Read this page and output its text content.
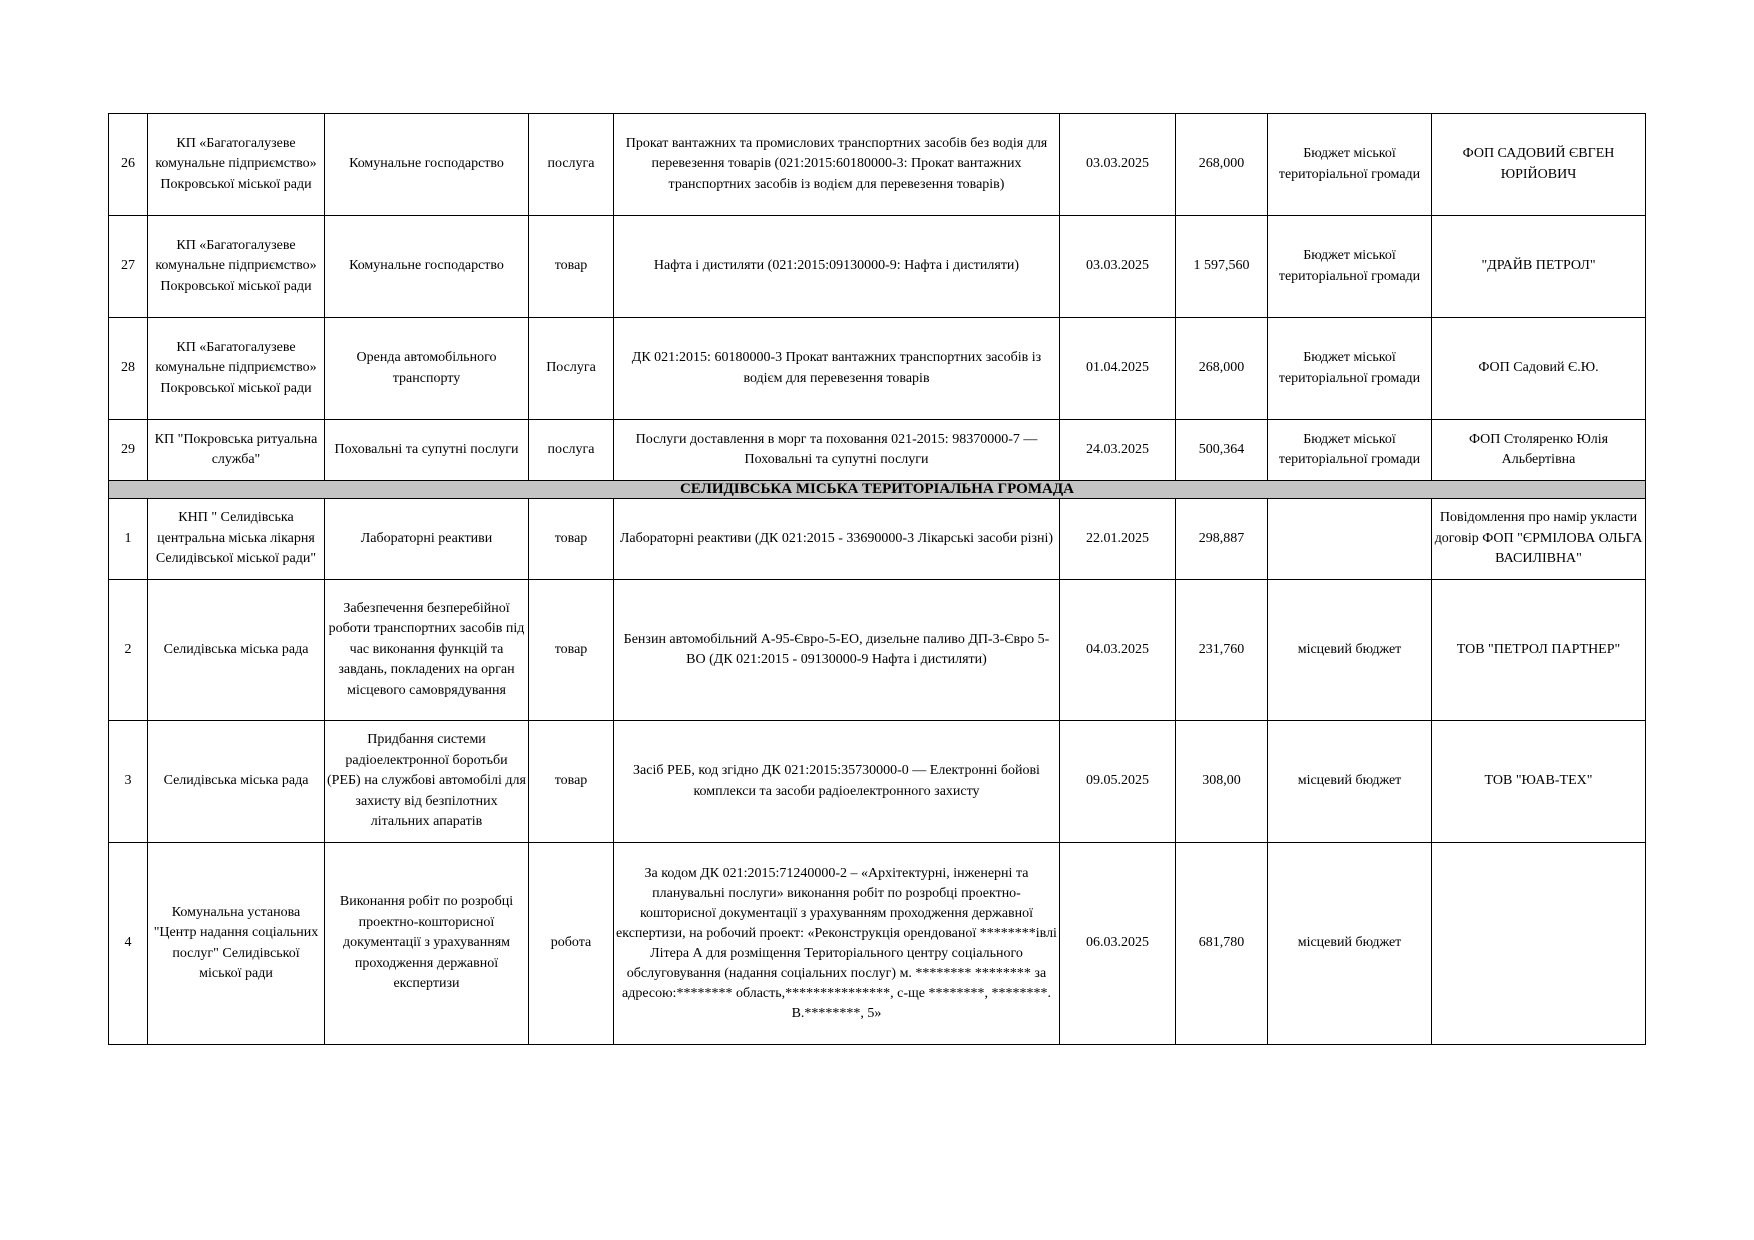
26	КП «Багатогалузеве комунальне підприємство» Покровської міської ради	Комунальне господарство	послуга	Прокат вантажних та промислових транспортних засобів без водія для перевезення товарів (021:2015:60180000-3: Прокат вантажних транспортних засобів із водієм для перевезення товарів)	03.03.2025	268,000	Бюджет міської територіальної громади	ФОП САДОВИЙ ЄВГЕН ЮРІЙОВИЧ
27	КП «Багатогалузеве комунальне підприємство» Покровської міської ради	Комунальне господарство	товар	Нафта і дистиляти (021:2015:09130000-9: Нафта і дистиляти)	03.03.2025	1 597,560	Бюджет міської територіальної громади	"ДРАЙВ ПЕТРОЛ"
28	КП «Багатогалузеве комунальне підприємство» Покровської міської ради	Оренда автомобільного транспорту	Послуга	ДК 021:2015: 60180000-3 Прокат вантажних транспортних засобів із водієм для перевезення товарів	01.04.2025	268,000	Бюджет міської територіальної громади	ФОП Садовий Є.Ю.
29	КП "Покровська ритуальна служба"	Поховальні та супутні послуги	послуга	Послуги доставлення в морг та поховання 021-2015: 98370000-7 — Поховальні та супутні послуги	24.03.2025	500,364	Бюджет міської територіальної громади	ФОП Столяренко Юлія Альбертівна
СЕЛИДІВСЬКА МІСЬКА ТЕРИТОРІАЛЬНА ГРОМАДА								
1	КНП " Селидівська центральна міська лікарня Селидівської міської ради"	Лабораторні реактиви	товар	Лабораторні реактиви (ДК 021:2015 - 33690000-3 Лікарські засоби різні)	22.01.2025	298,887		Повідомлення про намір укласти договір ФОП "ЄРМІЛОВА ОЛЬГА ВАСИЛІВНА"
2	Селидівська міська рада	Забезпечення безперебійної роботи транспортних засобів під час виконання функцій та завдань, покладених на орган місцевого самоврядування	товар	Бензин автомобільний А-95-Євро-5-ЕО, дизельне паливо ДП-3-Євро 5-ВО (ДК 021:2015 - 09130000-9 Нафта і дистиляти)	04.03.2025	231,760	місцевий бюджет	ТОВ "ПЕТРОЛ ПАРТНЕР"
3	Селидівська міська рада	Придбання системи радіоелектронної боротьби (РЕБ) на службові автомобілі для захисту від безпілотних літальних апаратів	товар	Засіб РЕБ, код згідно ДК 021:2015:35730000-0 — Електронні бойові комплекси та засоби радіоелектронного захисту	09.05.2025	308,00	місцевий бюджет	ТОВ "ЮАВ-ТЕХ"
4	Комунальна установа "Центр надання соціальних послуг" Селидівської міської ради	Виконання робіт по розробці проектно-кошторисної документації з урахуванням проходження державної експертизи	робота	За кодом ДК 021:2015:71240000-2 – «Архітектурні, інженерні та планувальні послуги» виконання робіт по розробці проектно-кошторисної документації з урахуванням проходження державної експертизи, на робочий проект: «Реконструкція орендованої ********івлі Літера А для розміщення Територіального центру соціального обслуговування (надання соціальних послуг) м. ******** ******** за адресою:******** область,***************, с-ще ********, ********. В.********, 5»	06.03.2025	681,780	місцевий бюджет	
